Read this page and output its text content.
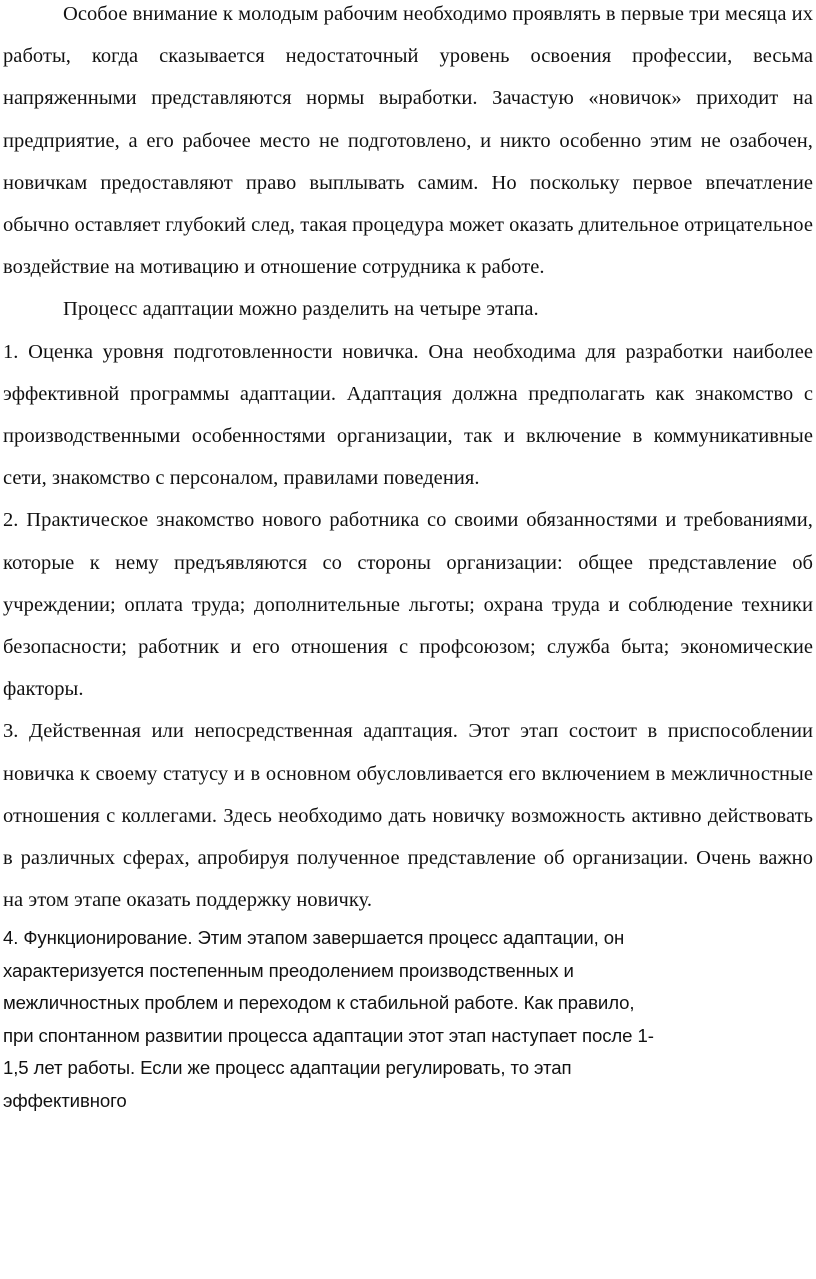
Особое внимание к молодым рабочим необходимо проявлять в первые три месяца их работы, когда сказывается недостаточный уровень освоения профессии, весьма напряженными представляются нормы выработки. Зачастую «новичок» приходит на предприятие, а его рабочее место не подготовлено, и никто особенно этим не озабочен, новичкам предоставляют право выплывать самим. Но поскольку первое впечатление обычно оставляет глубокий след, такая процедура может оказать длительное отрицательное воздействие на мотивацию и отношение сотрудника к работе.

Процесс адаптации можно разделить на четыре этапа.

1. Оценка уровня подготовленности новичка. Она необходима для разработки наиболее эффективной программы адаптации. Адаптация должна предполагать как знакомство с производственными особенностями организации, так и включение в коммуникативные сети, знакомство с персоналом, правилами поведения.

2. Практическое знакомство нового работника со своими обязанностями и требованиями, которые к нему предъявляются со стороны организации: общее представление об учреждении; оплата труда; дополнительные льготы; охрана труда и соблюдение техники безопасности; работник и его отношения с профсоюзом; служба быта; экономические факторы.

3. Действенная или непосредственная адаптация. Этот этап состоит в приспособлении новичка к своему статусу и в основном обусловливается его включением в межличностные отношения с коллегами. Здесь необходимо дать новичку возможность активно действовать в различных сферах, апробируя полученное представление об организации. Очень важно на этом этапе оказать поддержку новичку.

4. Функционирование. Этим этапом завершается процесс адаптации, он
характеризуется постепенным преодолением производственных и
межличностных проблем и переходом к стабильной работе. Как правило,
при спонтанном развитии процесса адаптации этот этап наступает после 1-
1,5 лет работы. Если же процесс адаптации регулировать, то этап
эффективного
